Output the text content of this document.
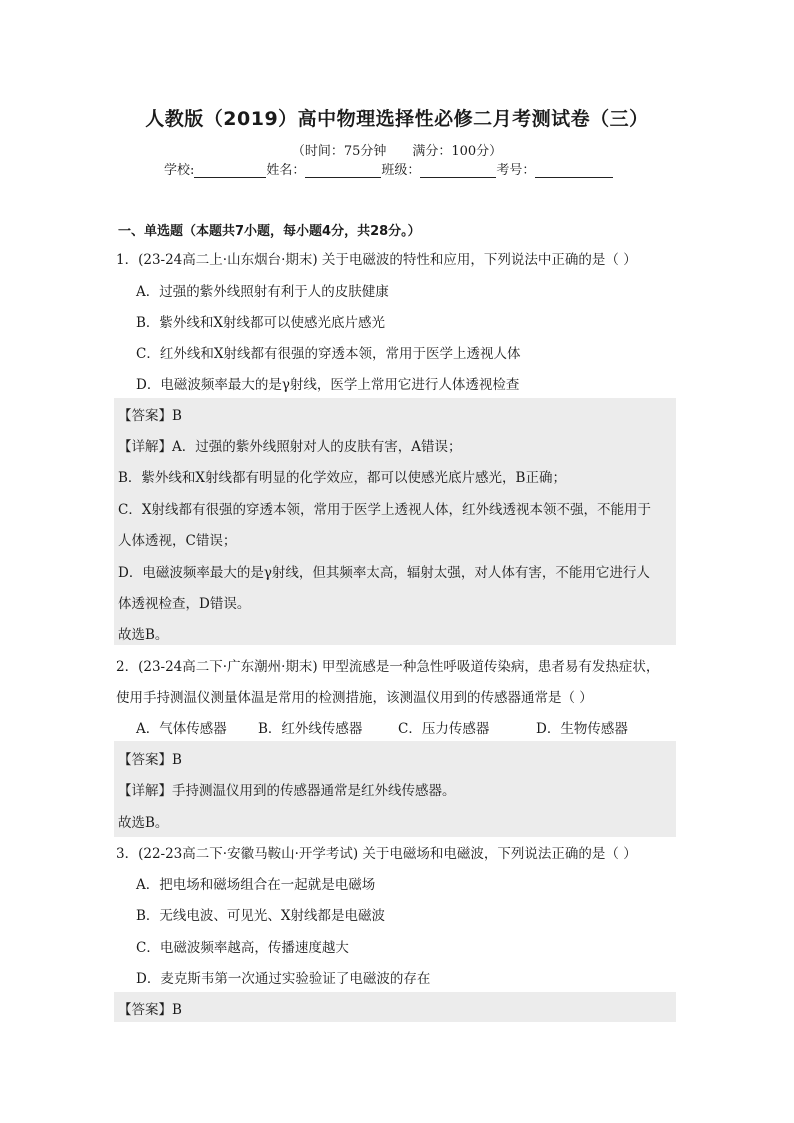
人教版（2019）高中物理选择性必修二月考测试卷（三）
（时间：75分钟 满分：100分）
学校:	姓名：	班级：	考号：
一、单选题（本题共7小题，每小题4分，共28分。）
1．(23-24高二上·山东烟台·期末) 关于电磁波的特性和应用，下列说法中正确的是（ ）
A．过强的紫外线照射有利于人的皮肤健康
B．紫外线和X射线都可以使感光底片感光
C．红外线和X射线都有很强的穿透本领，常用于医学上透视人体
D．电磁波频率最大的是γ射线，医学上常用它进行人体透视检查
【答案】B
【详解】A．过强的紫外线照射对人的皮肤有害，A错误；
B．紫外线和X射线都有明显的化学效应，都可以使感光底片感光，B正确；
C．X射线都有很强的穿透本领，常用于医学上透视人体，红外线透视本领不强，不能用于
人体透视，C错误；
D．电磁波频率最大的是γ射线，但其频率太高，辐射太强，对人体有害，不能用它进行人
体透视检查，D错误。
故选B。
2．(23-24高二下·广东潮州·期末) 甲型流感是一种急性呼吸道传染病，患者易有发热症状，
使用手持测温仪测量体温是常用的检测措施，该测温仪用到的传感器通常是（ ）
A．气体传感器 B．红外线传感器	C．压力传感器	D．生物传感器
【答案】B
【详解】手持测温仪用到的传感器通常是红外线传感器。
故选B。
3．(22-23高二下·安徽马鞍山·开学考试) 关于电磁场和电磁波，下列说法正确的是（ ）
A．把电场和磁场组合在一起就是电磁场
B．无线电波、可见光、X射线都是电磁波
C．电磁波频率越高，传播速度越大
D．麦克斯韦第一次通过实验验证了电磁波的存在
【答案】B
